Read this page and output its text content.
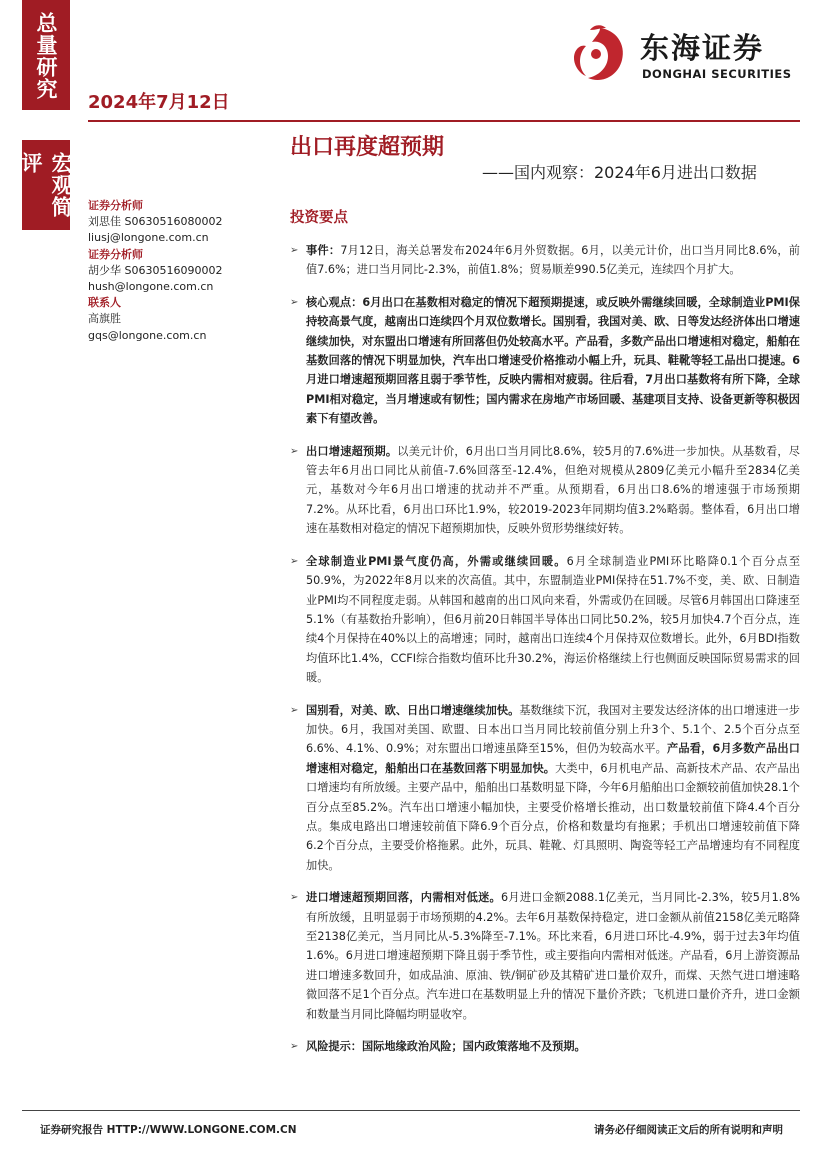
总量研究
宏观简评
2024年7月12日
东海证券
DONGHAI SECURITIES
出口再度超预期
——国内观察：2024年6月进出口数据
证券分析师
刘思佳 S0630516080002
liusj@longone.com.cn
证券分析师
胡少华 S0630516090002
hush@longone.com.cn
联系人
高旗胜
gqs@longone.com.cn
投资要点
➢ 事件：7月12日，海关总署发布2024年6月外贸数据。6月，以美元计价，出口当月同比8.6%，前值7.6%；进口当月同比-2.3%，前值1.8%；贸易顺差990.5亿美元，连续四个月扩大。
➢ 核心观点：6月出口在基数相对稳定的情况下超预期提速，或反映外需继续回暖，全球制造业PMI保持较高景气度，越南出口连续四个月双位数增长。国别看，我国对美、欧、日等发达经济体出口增速继续加快，对东盟出口增速有所回落但仍处较高水平。产品看，多数产品出口增速相对稳定，船舶在基数回落的情况下明显加快，汽车出口增速受价格推动小幅上升，玩具、鞋靴等轻工品出口提速。6月进口增速超预期回落且弱于季节性，反映内需相对疲弱。往后看，7月出口基数将有所下降，全球PMI相对稳定，当月增速或有韧性；国内需求在房地产市场回暖、基建项目支持、设备更新等积极因素下有望改善。
➢ 出口增速超预期。以美元计价，6月出口当月同比8.6%，较5月的7.6%进一步加快。从基数看，尽管去年6月出口同比从前值-7.6%回落至-12.4%，但绝对规模从2809亿美元小幅升至2834亿美元，基数对今年6月出口增速的扰动并不严重。从预期看，6月出口8.6%的增速强于市场预期7.2%。从环比看，6月出口环比1.9%，较2019-2023年同期均值3.2%略弱。整体看，6月出口增速在基数相对稳定的情况下超预期加快，反映外贸形势继续好转。
➢ 全球制造业PMI景气度仍高，外需或继续回暖。6月全球制造业PMI环比略降0.1个百分点至50.9%，为2022年8月以来的次高值。其中，东盟制造业PMI保持在51.7%不变，美、欧、日制造业PMI均不同程度走弱。从韩国和越南的出口风向来看，外需或仍在回暖。尽管6月韩国出口降速至5.1%（有基数抬升影响），但6月前20日韩国半导体出口同比50.2%，较5月加快4.7个百分点，连续4个月保持在40%以上的高增速；同时，越南出口连续4个月保持双位数增长。此外，6月BDI指数均值环比1.4%，CCFI综合指数均值环比升30.2%，海运价格继续上行也侧面反映国际贸易需求的回暖。
➢ 国别看，对美、欧、日出口增速继续加快。基数继续下沉，我国对主要发达经济体的出口增速进一步加快。6月，我国对美国、欧盟、日本出口当月同比较前值分别上升3个、5.1个、2.5个百分点至6.6%、4.1%、0.9%；对东盟出口增速虽降至15%，但仍为较高水平。产品看，6月多数产品出口增速相对稳定，船舶出口在基数回落下明显加快。大类中，6月机电产品、高新技术产品、农产品出口增速均有所放缓。主要产品中，船舶出口基数明显下降，今年6月船舶出口金额较前值加快28.1个百分点至85.2%。汽车出口增速小幅加快，主要受价格增长推动，出口数量较前值下降4.4个百分点。集成电路出口增速较前值下降6.9个百分点，价格和数量均有拖累；手机出口增速较前值下降6.2个百分点，主要受价格拖累。此外，玩具、鞋靴、灯具照明、陶瓷等轻工产品增速均有不同程度加快。
➢ 进口增速超预期回落，内需相对低迷。6月进口金额2088.1亿美元，当月同比-2.3%，较5月1.8%有所放缓，且明显弱于市场预期的4.2%。去年6月基数保持稳定，进口金额从前值2158亿美元略降至2138亿美元，当月同比从-5.3%降至-7.1%。环比来看，6月进口环比-4.9%，弱于过去3年均值1.6%。6月进口增速超预期下降且弱于季节性，或主要指向内需相对低迷。产品看，6月上游资源品进口增速多数回升，如成品油、原油、铁/铜矿砂及其精矿进口量价双升，而煤、天然气进口增速略微回落不足1个百分点。汽车进口在基数明显上升的情况下量价齐跌；飞机进口量价齐升，进口金额和数量当月同比降幅均明显收窄。
➢ 风险提示：国际地缘政治风险；国内政策落地不及预期。
证券研究报告 HTTP://WWW.LONGONE.COM.CN	请务必仔细阅读正文后的所有说明和声明
